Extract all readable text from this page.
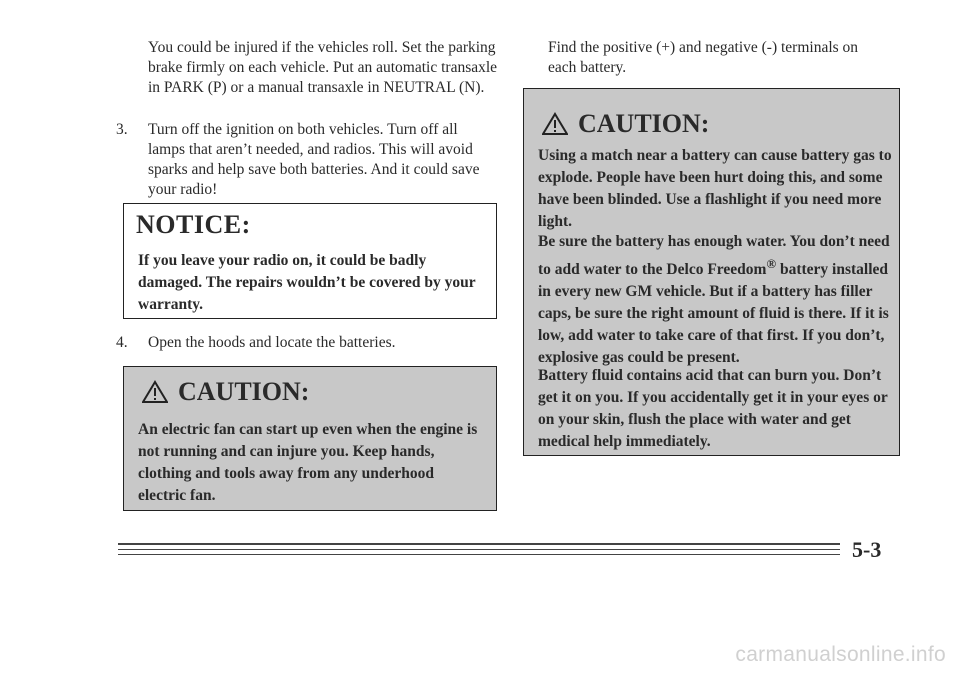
You could be injured if the vehicles roll. Set the parking brake firmly on each vehicle. Put an automatic transaxle in PARK (P) or a manual transaxle in NEUTRAL (N).

3. Turn off the ignition on both vehicles. Turn off all lamps that aren’t needed, and radios. This will avoid sparks and help save both batteries. And it could save your radio!

NOTICE:

If you leave your radio on, it could be badly damaged. The repairs wouldn’t be covered by your warranty.

4. Open the hoods and locate the batteries.

CAUTION:

An electric fan can start up even when the engine is not running and can injure you. Keep hands, clothing and tools away from any underhood electric fan.

Find the positive (+) and negative (-) terminals on each battery.

CAUTION:

Using a match near a battery can cause battery gas to explode. People have been hurt doing this, and some have been blinded. Use a flashlight if you need more light.

Be sure the battery has enough water. You don’t need to add water to the Delco Freedom® battery installed in every new GM vehicle. But if a battery has filler caps, be sure the right amount of fluid is there. If it is low, add water to take care of that first. If you don’t, explosive gas could be present.

Battery fluid contains acid that can burn you. Don’t get it on you. If you accidentally get it in your eyes or on your skin, flush the place with water and get medical help immediately.

5-3
carmanualsonline.info
